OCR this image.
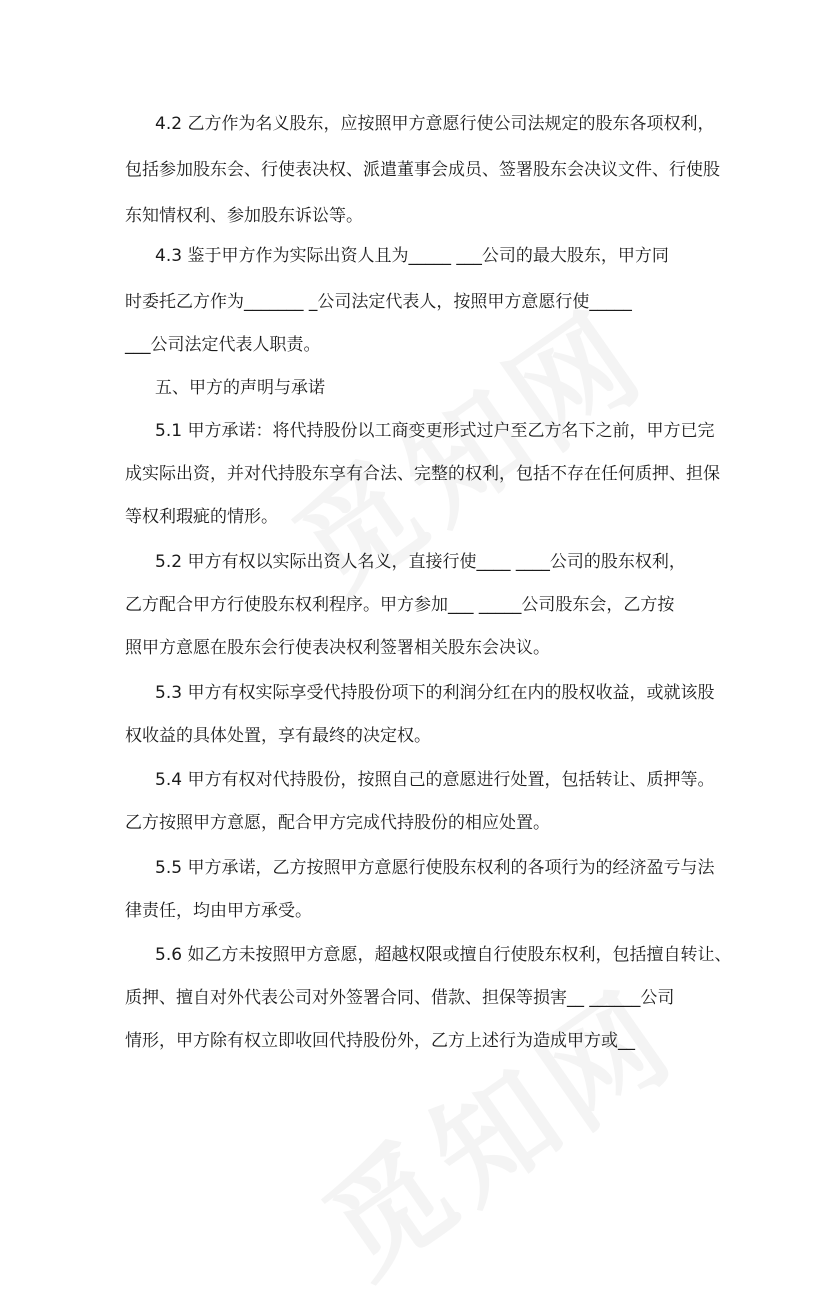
4.2 乙方作为名义股东，应按照甲方意愿行使公司法规定的股东各项权利，
包括参加股东会、行使表决权、派遣董事会成员、签署股东会决议文件、行使股
东知情权利、参加股东诉讼等。
4.3 鉴于甲方作为实际出资人且为_____ ___公司的最大股东，甲方同
时委托乙方作为_______ _公司法定代表人，按照甲方意愿行使_____
___公司法定代表人职责。
五、甲方的声明与承诺
5.1 甲方承诺：将代持股份以工商变更形式过户至乙方名下之前，甲方已完
成实际出资，并对代持股东享有合法、完整的权利，包括不存在任何质押、担保
等权利瑕疵的情形。
5.2 甲方有权以实际出资人名义，直接行使____ ____公司的股东权利，
乙方配合甲方行使股东权利程序。甲方参加___ _____公司股东会，乙方按
照甲方意愿在股东会行使表决权利签署相关股东会决议。
5.3 甲方有权实际享受代持股份项下的利润分红在内的股权收益，或就该股
权收益的具体处置，享有最终的决定权。
5.4 甲方有权对代持股份，按照自己的意愿进行处置，包括转让、质押等。
乙方按照甲方意愿，配合甲方完成代持股份的相应处置。
5.5 甲方承诺，乙方按照甲方意愿行使股东权利的各项行为的经济盈亏与法
律责任，均由甲方承受。
5.6 如乙方未按照甲方意愿，超越权限或擅自行使股东权利，包括擅自转让、
质押、擅自对外代表公司对外签署合同、借款、担保等损害__ ______公司
情形，甲方除有权立即收回代持股份外，乙方上述行为造成甲方或__
